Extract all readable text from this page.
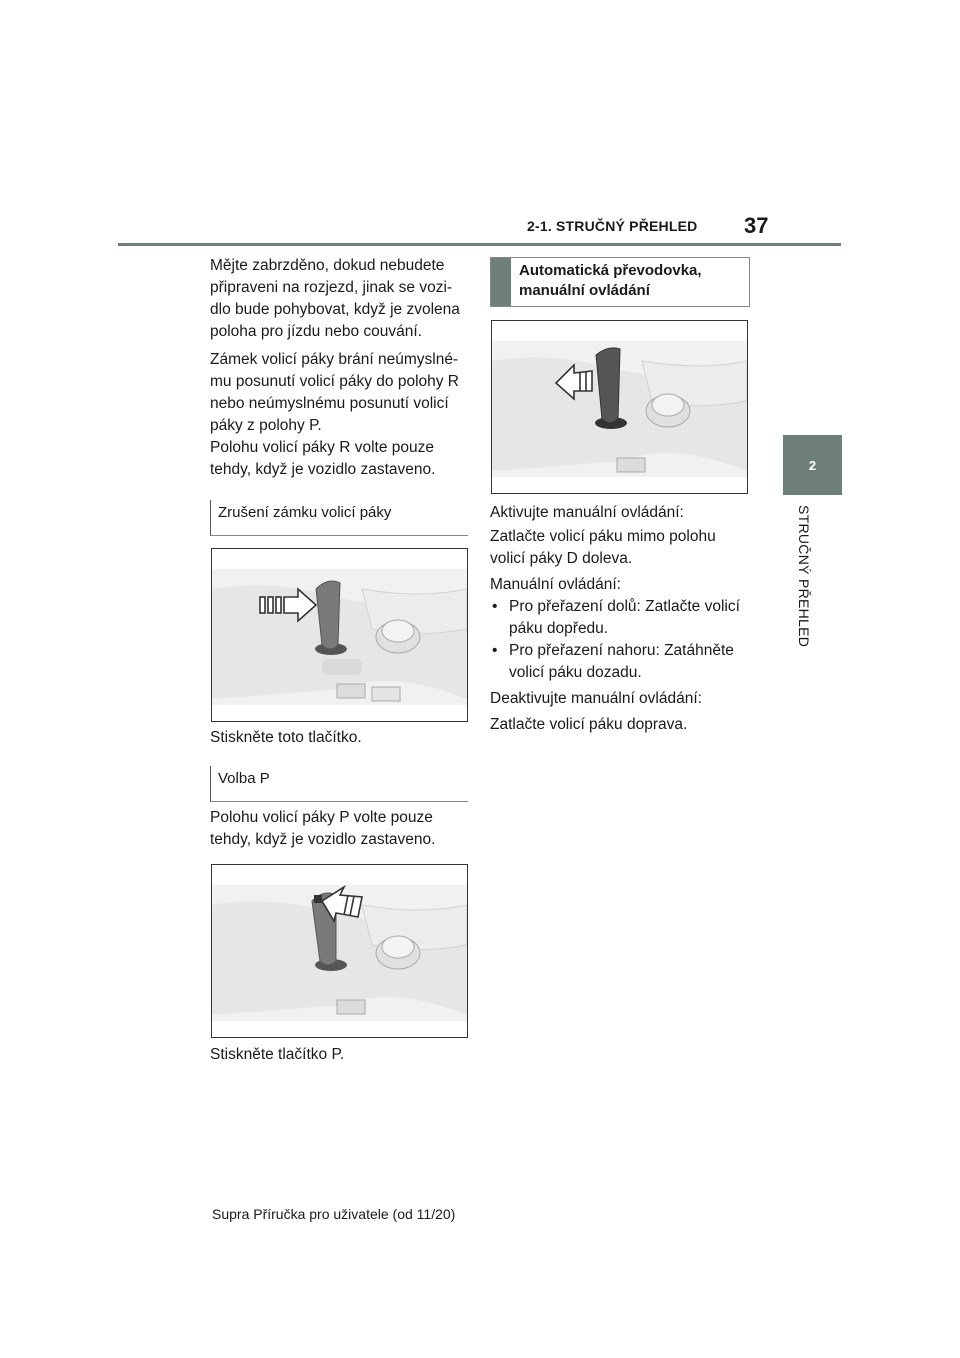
2-1. STRUČNÝ PŘEHLED 37
2
STRUČNÝ PŘEHLED

Mějte zabrzděno, dokud nebudete

připraveni na rozjezd, jinak se vozi-

dlo bude pohybovat, když je zvolena

poloha pro jízdu nebo couvání.

Zámek volicí páky brání neúmyslné-

mu posunutí volicí páky do polohy R

nebo neúmyslnému posunutí volicí

páky z polohy P.

Polohu volicí páky R volte pouze

tehdy, když je vozidlo zastaveno.

Zrušení zámku volicí páky

Stiskněte toto tlačítko.

Volba P

Polohu volicí páky P volte pouze

tehdy, když je vozidlo zastaveno.

Stiskněte tlačítko P.

Automatická převodovka,
manuální ovládání

Aktivujte manuální ovládání:

Zatlačte volicí páku mimo polohu

volicí páky D doleva.

Manuální ovládání:

• Pro přeřazení dolů: Zatlačte volicí
páku dopředu.
• Pro přeřazení nahoru: Zatáhněte
volicí páku dozadu.

Deaktivujte manuální ovládání:

Zatlačte volicí páku doprava.

Supra Příručka pro uživatele (od 11/20)
